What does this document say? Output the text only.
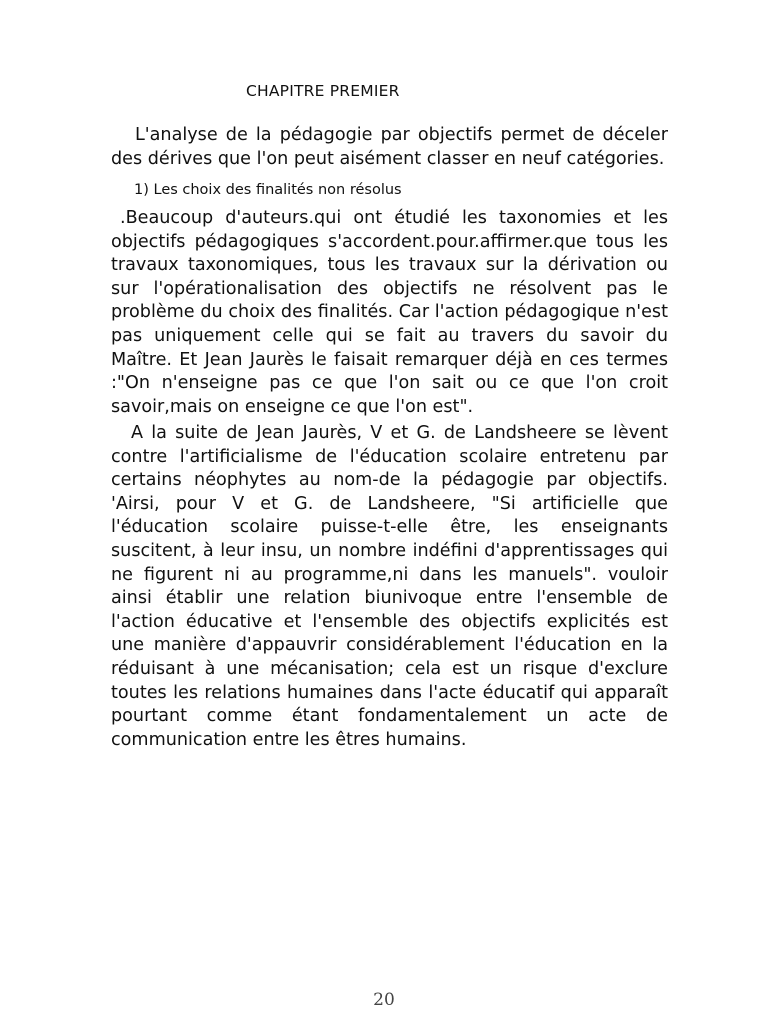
CHAPITRE PREMIER

L'analyse de la pédagogie par objectifs permet de déceler des dérives que l'on peut aisément classer en neuf catégories.

1) Les choix des finalités non résolus

.Beaucoup d'auteurs.qui ont étudié les taxonomies et les objectifs pédagogiques s'accordent.pour.affirmer.que tous les travaux taxonomiques, tous les travaux sur la dérivation ou sur l'opérationalisation des objectifs ne résolvent pas le problème du choix des finalités. Car l'action pédagogique n'est pas uniquement celle qui se fait au travers du savoir du Maître. Et Jean Jaurès le faisait remarquer déjà en ces termes :"On n'enseigne pas ce que l'on sait ou ce que l'on croit savoir,mais on enseigne ce que l'on est".

A la suite de Jean Jaurès, V et G. de Landsheere se lèvent contre l'artificialisme de l'éducation scolaire entretenu par certains néophytes au nom-de la pédagogie par objectifs. 'Airsi, pour V et G. de Landsheere, "Si artificielle que l'éducation scolaire puisse-t-elle être, les enseignants suscitent, à leur insu, un nombre indéfini d'apprentissages qui ne figurent ni au programme,ni dans les manuels". vouloir ainsi établir une relation biunivoque entre l'ensemble de l'action éducative et l'ensemble des objectifs explicités est une manière d'appauvrir considérablement l'éducation en la réduisant à une mécanisation; cela est un risque d'exclure toutes les relations humaines dans l'acte éducatif qui apparaît pourtant comme étant fondamentalement un acte de communication entre les êtres humains.

20
